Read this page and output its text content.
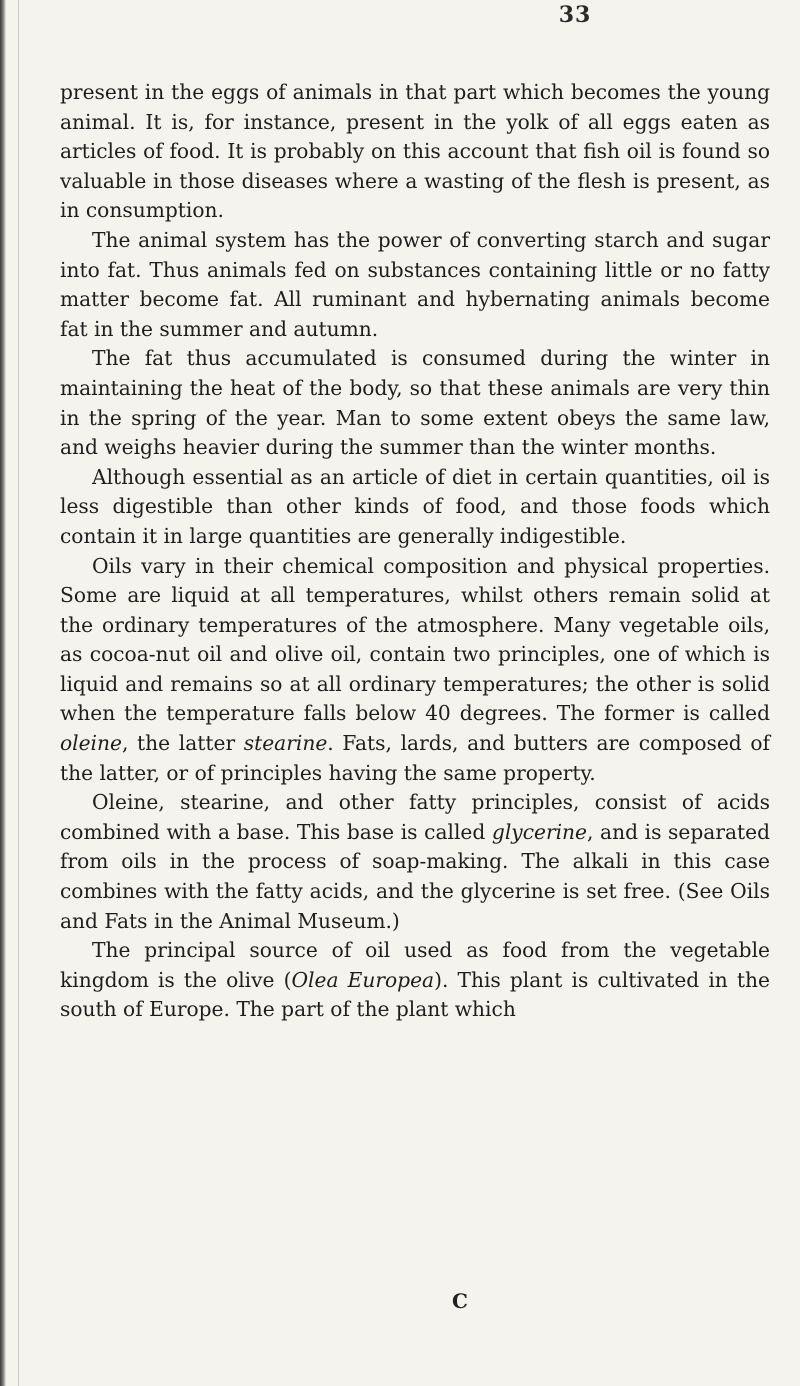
33

present in the eggs of animals in that part which becomes the young animal. It is, for instance, present in the yolk of all eggs eaten as articles of food. It is probably on this account that fish oil is found so valuable in those diseases where a wasting of the flesh is present, as in consumption.

The animal system has the power of converting starch and sugar into fat. Thus animals fed on substances containing little or no fatty matter become fat. All ruminant and hybernating animals become fat in the summer and autumn.

The fat thus accumulated is consumed during the winter in maintaining the heat of the body, so that these animals are very thin in the spring of the year. Man to some extent obeys the same law, and weighs heavier during the summer than the winter months.

Although essential as an article of diet in certain quantities, oil is less digestible than other kinds of food, and those foods which contain it in large quantities are generally indigestible.

Oils vary in their chemical composition and physical properties. Some are liquid at all temperatures, whilst others remain solid at the ordinary temperatures of the atmosphere. Many vegetable oils, as cocoa-nut oil and olive oil, contain two principles, one of which is liquid and remains so at all ordinary temperatures; the other is solid when the temperature falls below 40 degrees. The former is called oleine, the latter stearine. Fats, lards, and butters are composed of the latter, or of principles having the same property.

Oleine, stearine, and other fatty principles, consist of acids combined with a base. This base is called glycerine, and is separated from oils in the process of soap-making. The alkali in this case combines with the fatty acids, and the glycerine is set free. (See Oils and Fats in the Animal Museum.)

The principal source of oil used as food from the vegetable kingdom is the olive (Olea Europea). This plant is cultivated in the south of Europe. The part of the plant which

C
